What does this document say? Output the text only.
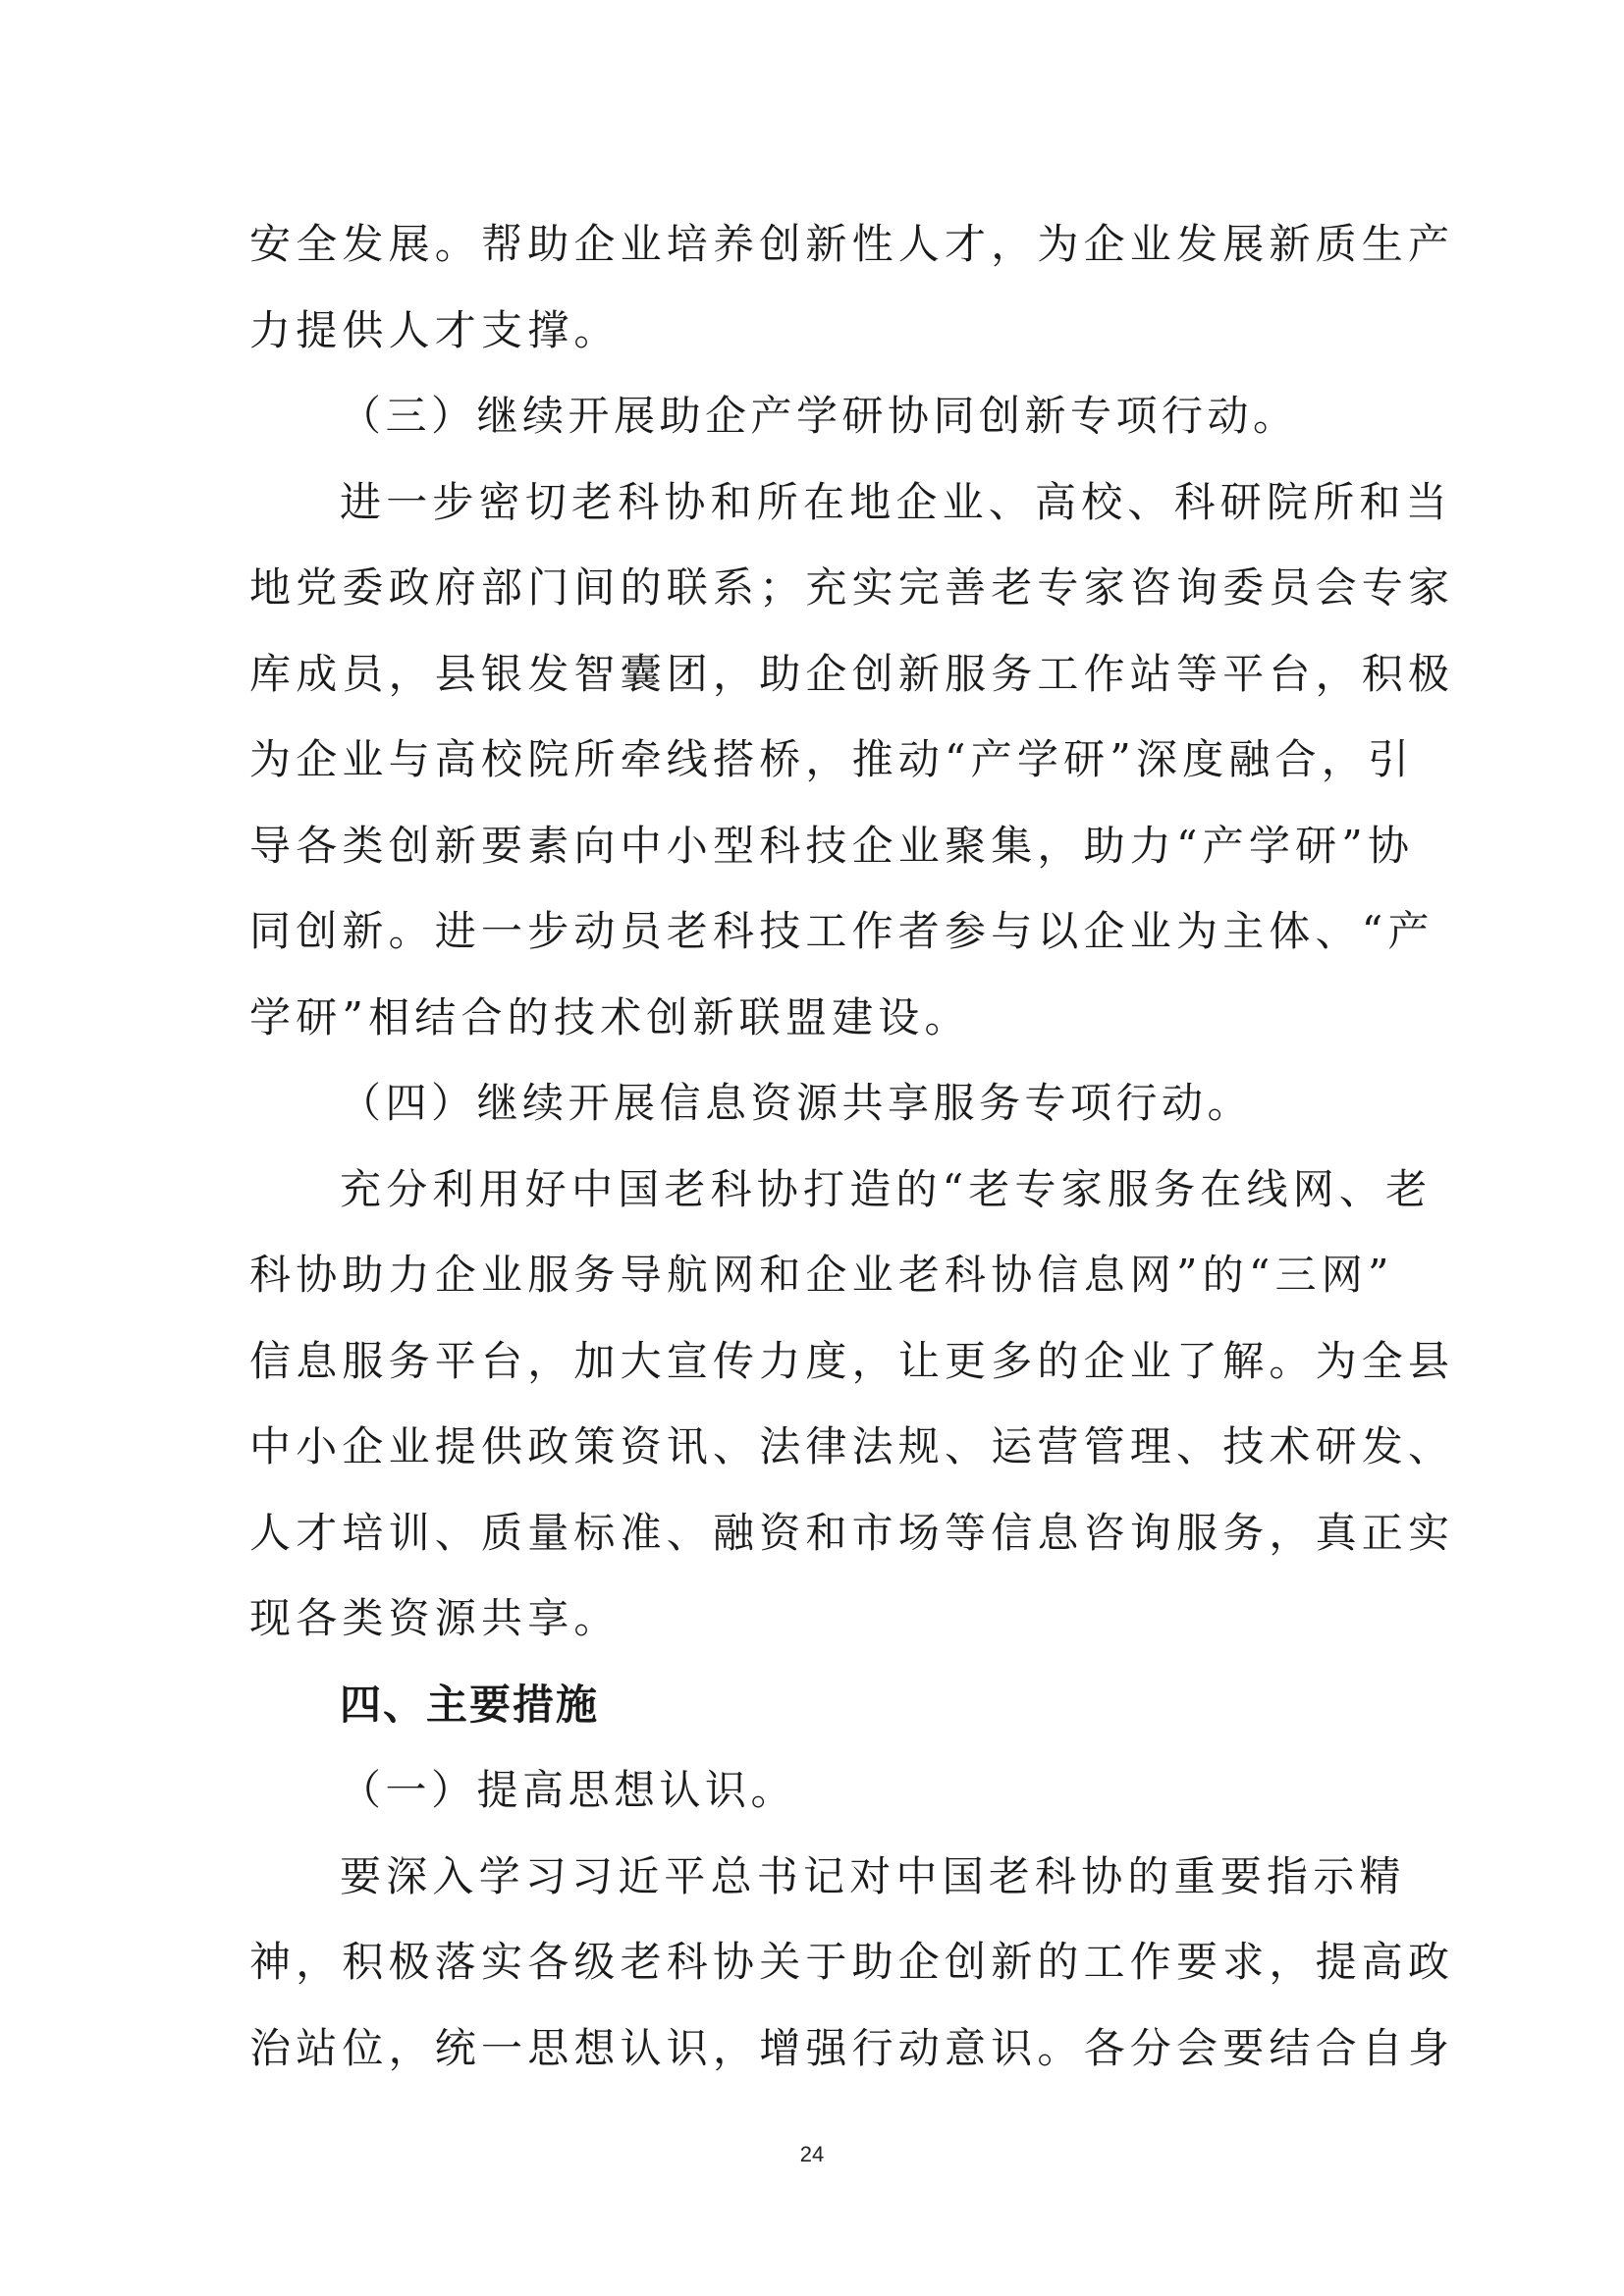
安全发展。帮助企业培养创新性人才，为企业发展新质生产
力提供人才支撑。
（三）继续开展助企产学研协同创新专项行动。
进一步密切老科协和所在地企业、高校、科研院所和当
地党委政府部门间的联系；充实完善老专家咨询委员会专家
库成员，县银发智囊团，助企创新服务工作站等平台，积极
为企业与高校院所牵线搭桥，推动“产学研”深度融合，引
导各类创新要素向中小型科技企业聚集，助力“产学研”协
同创新。进一步动员老科技工作者参与以企业为主体、“产
学研”相结合的技术创新联盟建设。
（四）继续开展信息资源共享服务专项行动。
充分利用好中国老科协打造的“老专家服务在线网、老
科协助力企业服务导航网和企业老科协信息网”的“三网”
信息服务平台，加大宣传力度，让更多的企业了解。为全县
中小企业提供政策资讯、法律法规、运营管理、技术研发、
人才培训、质量标准、融资和市场等信息咨询服务，真正实
现各类资源共享。
四、主要措施
（一）提高思想认识。
要深入学习习近平总书记对中国老科协的重要指示精
神，积极落实各级老科协关于助企创新的工作要求，提高政
治站位，统一思想认识，增强行动意识。各分会要结合自身
24
